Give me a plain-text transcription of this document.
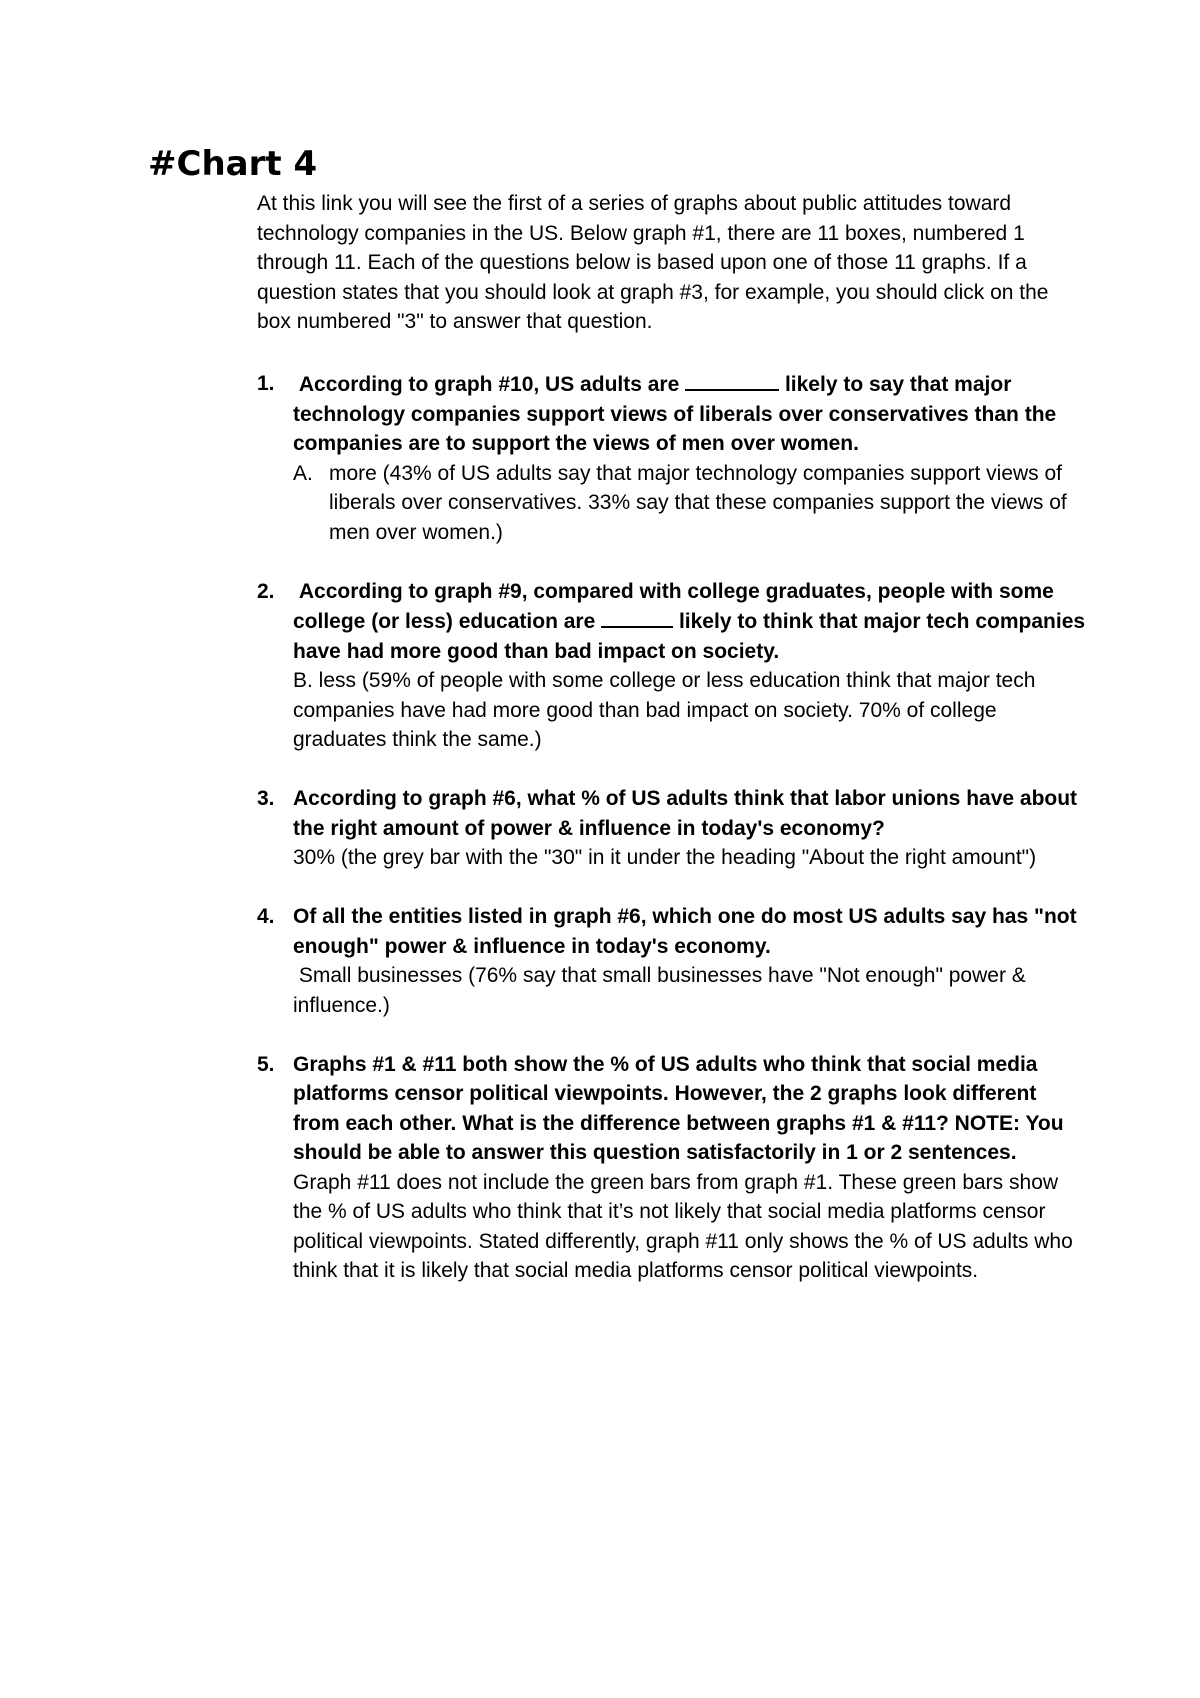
#Chart 4

At this link you will see the first of a series of graphs about public attitudes toward technology companies in the US. Below graph #1, there are 11 boxes, numbered 1 through 11. Each of the questions below is based upon one of those 11 graphs. If a question states that you should look at graph #3, for example, you should click on the box numbered "3" to answer that question.

1. According to graph #10, US adults are	likely to say that major technology companies support views of liberals over conservatives than the companies are to support the views of men over women.

A. more (43% of US adults say that major technology companies support views of liberals over conservatives. 33% say that these companies support the views of men over women.)

2. According to graph #9, compared with college graduates, people with some college (or less) education are	likely to think that major tech companies have had more good than bad impact on society.

B. less (59% of people with some college or less education think that major tech companies have had more good than bad impact on society. 70% of college graduates think the same.)

3. According to graph #6, what % of US adults think that labor unions have about the right amount of power & influence in today's economy?

30% (the grey bar with the "30" in it under the heading "About the right amount")

4. Of all the entities listed in graph #6, which one do most US adults say has "not enough" power & influence in today's economy.

Small businesses (76% say that small businesses have "Not enough" power & influence.)

5. Graphs #1 & #11 both show the % of US adults who think that social media platforms censor political viewpoints. However, the 2 graphs look different from each other. What is the difference between graphs #1 & #11? NOTE: You should be able to answer this question satisfactorily in 1 or 2 sentences.

Graph #11 does not include the green bars from graph #1. These green bars show the % of US adults who think that it’s not likely that social media platforms censor political viewpoints. Stated differently, graph #11 only shows the % of US adults who think that it is likely that social media platforms censor political viewpoints.
